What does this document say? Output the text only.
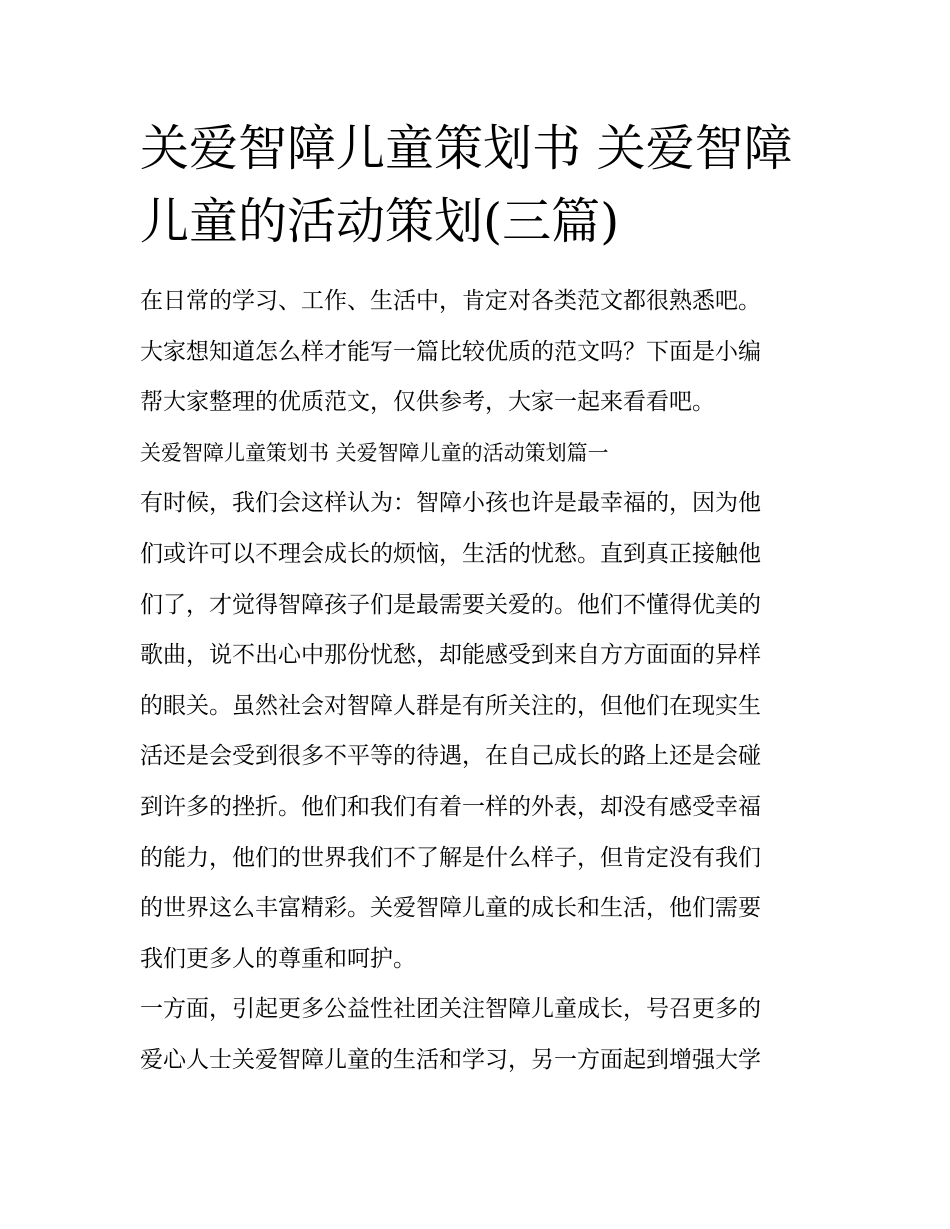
关爱智障儿童策划书 关爱智障
儿童的活动策划(三篇)
在日常的学习、工作、生活中，肯定对各类范文都很熟悉吧。
大家想知道怎么样才能写一篇比较优质的范文吗？下面是小编
帮大家整理的优质范文，仅供参考，大家一起来看看吧。
关爱智障儿童策划书 关爱智障儿童的活动策划篇一
有时候，我们会这样认为：智障小孩也许是最幸福的，因为他
们或许可以不理会成长的烦恼，生活的忧愁。直到真正接触他
们了，才觉得智障孩子们是最需要关爱的。他们不懂得优美的
歌曲，说不出心中那份忧愁，却能感受到来自方方面面的异样
的眼关。虽然社会对智障人群是有所关注的，但他们在现实生
活还是会受到很多不平等的待遇，在自己成长的路上还是会碰
到许多的挫折。他们和我们有着一样的外表，却没有感受幸福
的能力，他们的世界我们不了解是什么样子，但肯定没有我们
的世界这么丰富精彩。关爱智障儿童的成长和生活，他们需要
我们更多人的尊重和呵护。
一方面，引起更多公益性社团关注智障儿童成长，号召更多的
爱心人士关爱智障儿童的生活和学习，另一方面起到增强大学
